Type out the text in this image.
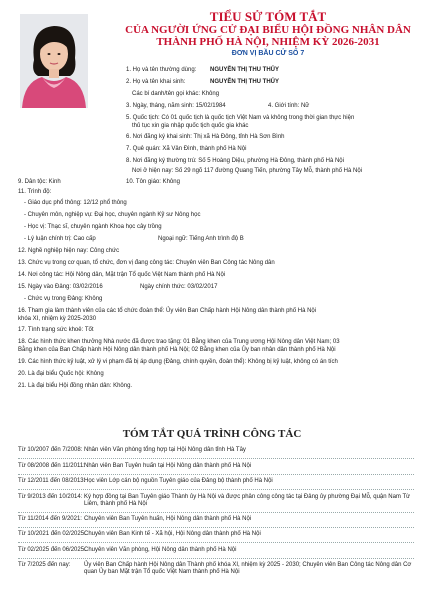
TIỂU SỬ TÓM TẮT
CỦA NGƯỜI ỨNG CỬ ĐẠI BIỂU HỘI ĐỒNG NHÂN DÂN
THÀNH PHỐ HÀ NỘI, NHIỆM KỲ 2026-2031
ĐƠN VỊ BẦU CỬ SỐ 7
1. Họ và tên thường dùng: NGUYỄN THỊ THU THỦY
2. Họ và tên khai sinh:	NGUYỄN THỊ THU THỦY
Các bí danh/tên gọi khác: Không
3. Ngày, tháng, năm sinh: 15/02/1984	4. Giới tính: Nữ
5. Quốc tịch: Có 01 quốc tịch là quốc tịch Việt Nam và không trong thời gian thực hiện
thủ tục xin gia nhập quốc tịch quốc gia khác
6. Nơi đăng ký khai sinh: Thị xã Hà Đông, tỉnh Hà Sơn Bình
7. Quê quán: Xã Vân Đình, thành phố Hà Nội
8. Nơi đăng ký thường trú: Số 5 Hoàng Diệu, phường Hà Đông, thành phố Hà Nội
Nơi ở hiện nay: Số 29 ngõ 117 đường Quang Tiến, phường Tây Mỗ, thành phố Hà Nội
9. Dân tộc: Kinh	10. Tôn giáo: Không
11. Trình độ:
- Giáo dục phổ thông: 12/12 phổ thông
- Chuyên môn, nghiệp vụ: Đại học, chuyên ngành Kỹ sư Nông học
- Học vị: Thạc sĩ, chuyên ngành Khoa học cây trồng
- Lý luận chính trị: Cao cấp	Ngoại ngữ: Tiếng Anh trình độ B
12. Nghề nghiệp hiện nay: Công chức
13. Chức vụ trong cơ quan, tổ chức, đơn vị đang công tác: Chuyên viên Ban Công tác Nông dân
14. Nơi công tác: Hội Nông dân, Mặt trận Tổ quốc Việt Nam thành phố Hà Nội
15. Ngày vào Đảng: 03/02/2016	Ngày chính thức: 03/02/2017
- Chức vụ trong Đảng: Không
16. Tham gia làm thành viên của các tổ chức đoàn thể: Ủy viên Ban Chấp hành Hội Nông dân thành phố Hà Nội
khóa XI, nhiệm kỳ 2025-2030
17. Tình trạng sức khoẻ: Tốt
18. Các hình thức khen thưởng Nhà nước đã được trao tặng: 01 Bằng khen của Trung ương Hội Nông dân Việt Nam; 03
Bằng khen của Ban Chấp hành Hội Nông dân thành phố Hà Nội; 02 Bằng khen của Ủy ban nhân dân thành phố Hà Nội
19. Các hình thức kỷ luật, xử lý vi phạm đã bị áp dụng (Đảng, chính quyền, đoàn thể): Không bị kỷ luật, không có án tích
20. Là đại biểu Quốc hội: Không
21. Là đại biểu Hội đồng nhân dân: Không.
TÓM TẮT QUÁ TRÌNH CÔNG TÁC
Từ 10/2007 đến 7/2008: Nhân viên Văn phòng tổng hợp tại Hội Nông dân tỉnh Hà Tây
Từ 08/2008 đến 11/2011: Nhân viên Ban Tuyên huấn tại Hội Nông dân thành phố Hà Nội
Từ 12/2011 đến 08/2013:
Học viên Lớp cán bộ nguồn Tuyên giáo của Đảng bộ thành phố Hà Nội
Từ 9/2013 đến 10/2014: Ký hợp đồng tại Ban Tuyên giáo Thành ủy Hà Nội và được phân công công tác tại Đảng ủy phường Đại Mỗ, quận Nam Từ Liêm, thành phố Hà Nội
Từ 11/2014 đến 9/2021: Chuyên viên Ban Tuyên huấn, Hội Nông dân thành phố Hà Nội
Từ 10/2021 đến 02/2025:
Chuyên viên Ban Kinh tế - Xã hội, Hội Nông dân thành phố Hà Nội
Từ 02/2025 đến 06/2025:
Chuyên viên Văn phòng, Hội Nông dân thành phố Hà Nội
Từ 7/2025 đến nay: Ủy viên Ban Chấp hành Hội Nông dân Thành phố khóa XI, nhiệm kỳ 2025 - 2030; Chuyên viên Ban Công tác Nông dân Cơ quan Ủy ban Mặt trận Tổ quốc Việt Nam thành phố Hà Nội
